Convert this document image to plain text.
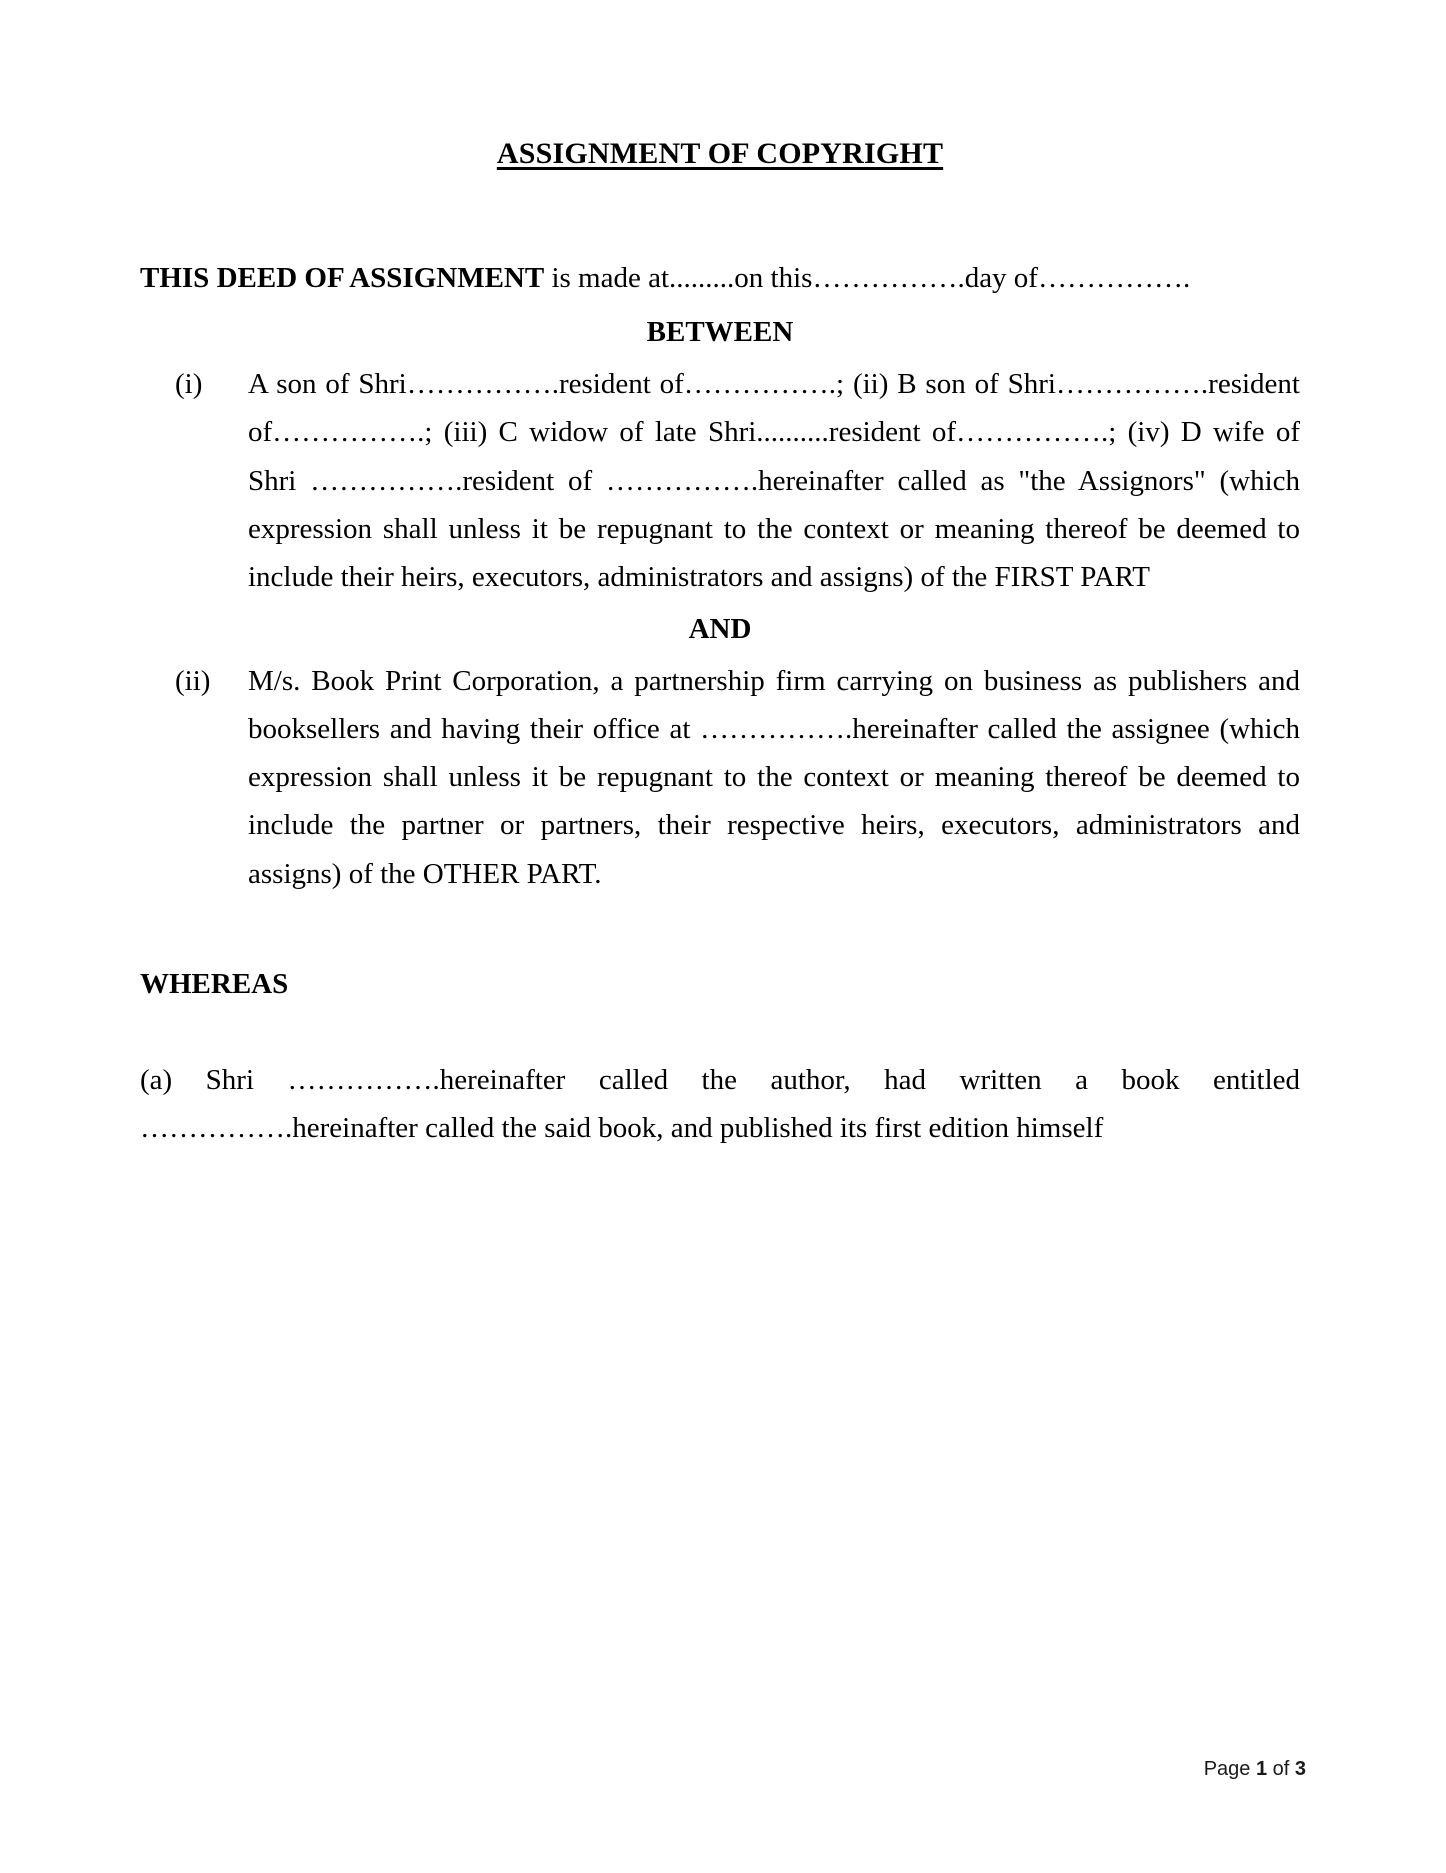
ASSIGNMENT OF COPYRIGHT

THIS DEED OF ASSIGNMENT is made at.........on this…………….day of…………….

BETWEEN

(i)	A son of Shri…………….resident of…………….; (ii) B son of Shri…………….resident of…………….; (iii) C widow of late Shri..........resident of…………….; (iv) D wife of Shri …………….resident of …………….hereinafter called as "the Assignors" (which expression shall unless it be repugnant to the context or meaning thereof be deemed to include their heirs, executors, administrators and assigns) of the FIRST PART

AND

(ii)	M/s. Book Print Corporation, a partnership firm carrying on business as publishers and booksellers and having their office at …………….hereinafter called the assignee (which expression shall unless it be repugnant to the context or meaning thereof be deemed to include the partner or partners, their respective heirs, executors, administrators and assigns) of the OTHER PART.

WHEREAS

(a) Shri …………….hereinafter called the author, had written a book entitled …………….hereinafter called the said book, and published its first edition himself

Page 1 of 3
